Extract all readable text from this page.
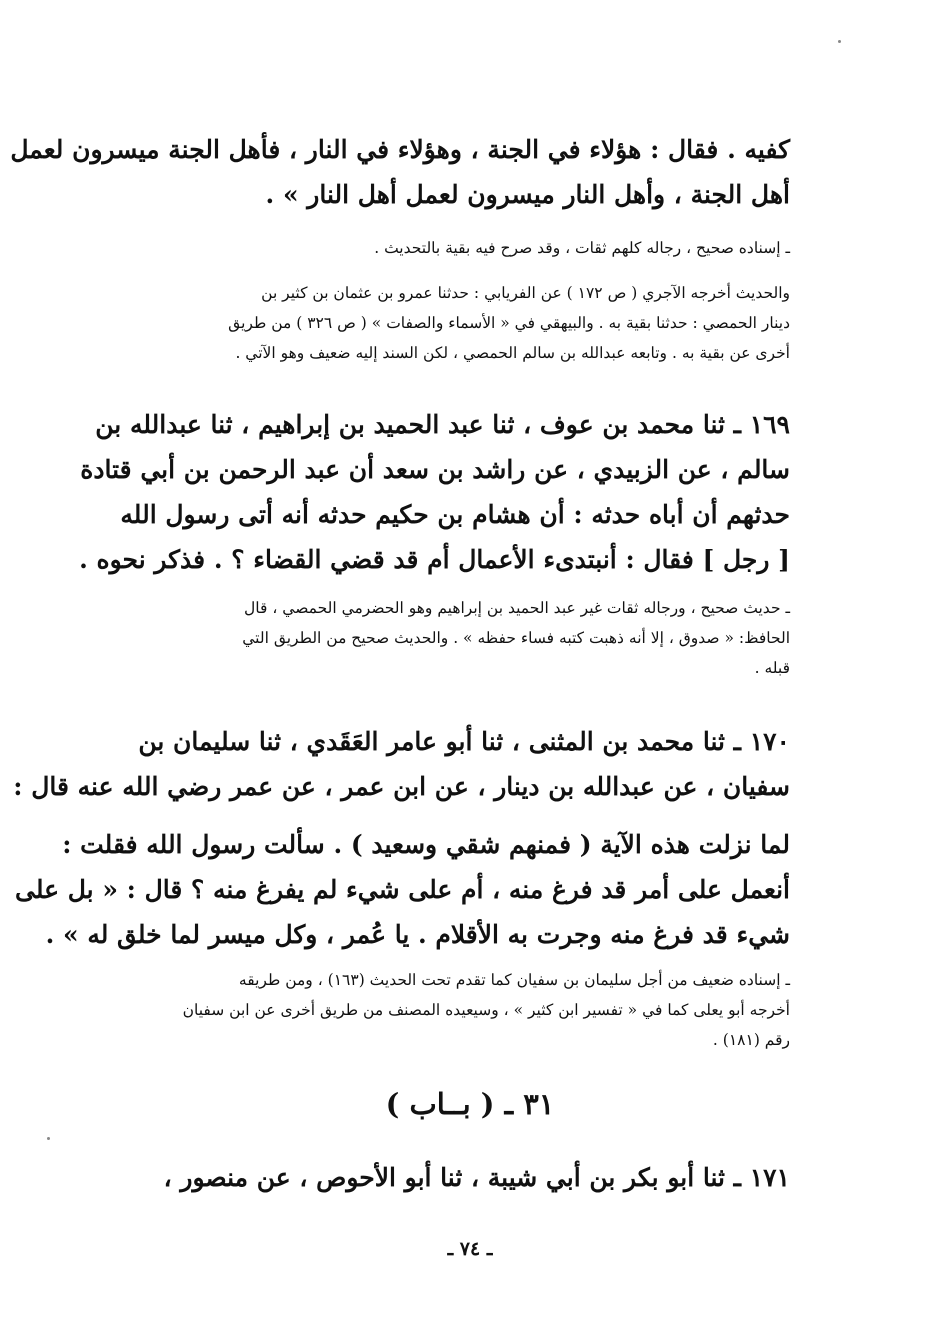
كفيه . فقال : هؤلاء في الجنة ، وهؤلاء في النار ، فأهل الجنة ميسرون لعمل
أهل الجنة ، وأهل النار ميسرون لعمل أهل النار » .
ـ إسناده صحيح ، رجاله كلهم ثقات ، وقد صرح فيه بقية بالتحديث .
والحديث أخرجه الآجري ( ص ١٧٢ ) عن الفريابي : حدثنا عمرو بن عثمان بن كثير بن
دينار الحمصي : حدثنا بقية به . والبيهقي في « الأسماء والصفات » ( ص ٣٢٦ ) من طريق
أخرى عن بقية به . وتابعه عبدالله بن سالم الحمصي ، لكن السند إليه ضعيف وهو الآتي .
١٦٩ ـ ثنا محمد بن عوف ، ثنا عبد الحميد بن إبراهيم ، ثنا عبدالله بن
سالم ، عن الزبيدي ، عن راشد بن سعد أن عبد الرحمن بن أبي قتادة
حدثهم أن أباه حدثه : أن هشام بن حكيم حدثه أنه أتى رسول الله
[ رجل ] فقال : أنبتدىء الأعمال أم قد قضي القضاء ؟ . فذكر نحوه .
ـ حديث صحيح ، ورجاله ثقات غير عبد الحميد بن إبراهيم وهو الحضرمي الحمصي ، قال
الحافظ: « صدوق ، إلا أنه ذهبت كتبه فساء حفظه » . والحديث صحيح من الطريق التي
قبله .
١٧٠ ـ ثنا محمد بن المثنى ، ثنا أبو عامر العَقَدي ، ثنا سليمان بن
سفيان ، عن عبدالله بن دينار ، عن ابن عمر ، عن عمر رضي الله عنه قال :
لما نزلت هذه الآية ( فمنهم شقي وسعيد ) . سألت رسول الله فقلت :
أنعمل على أمر قد فرغ منه ، أم على شيء لم يفرغ منه ؟ قال : « بل على
شيء قد فرغ منه وجرت به الأقلام . يا عُمر ، وكل ميسر لما خلق له » .
ـ إسناده ضعيف من أجل سليمان بن سفيان كما تقدم تحت الحديث (١٦٣) ، ومن طريقه
أخرجه أبو يعلى كما في « تفسير ابن كثير » ، وسيعيده المصنف من طريق أخرى عن ابن سفيان
رقم (١٨١) .
٣١ ـ ( بــاب )
١٧١ ـ ثنا أبو بكر بن أبي شيبة ، ثنا أبو الأحوص ، عن منصور ،
ـ ٧٤ ـ
